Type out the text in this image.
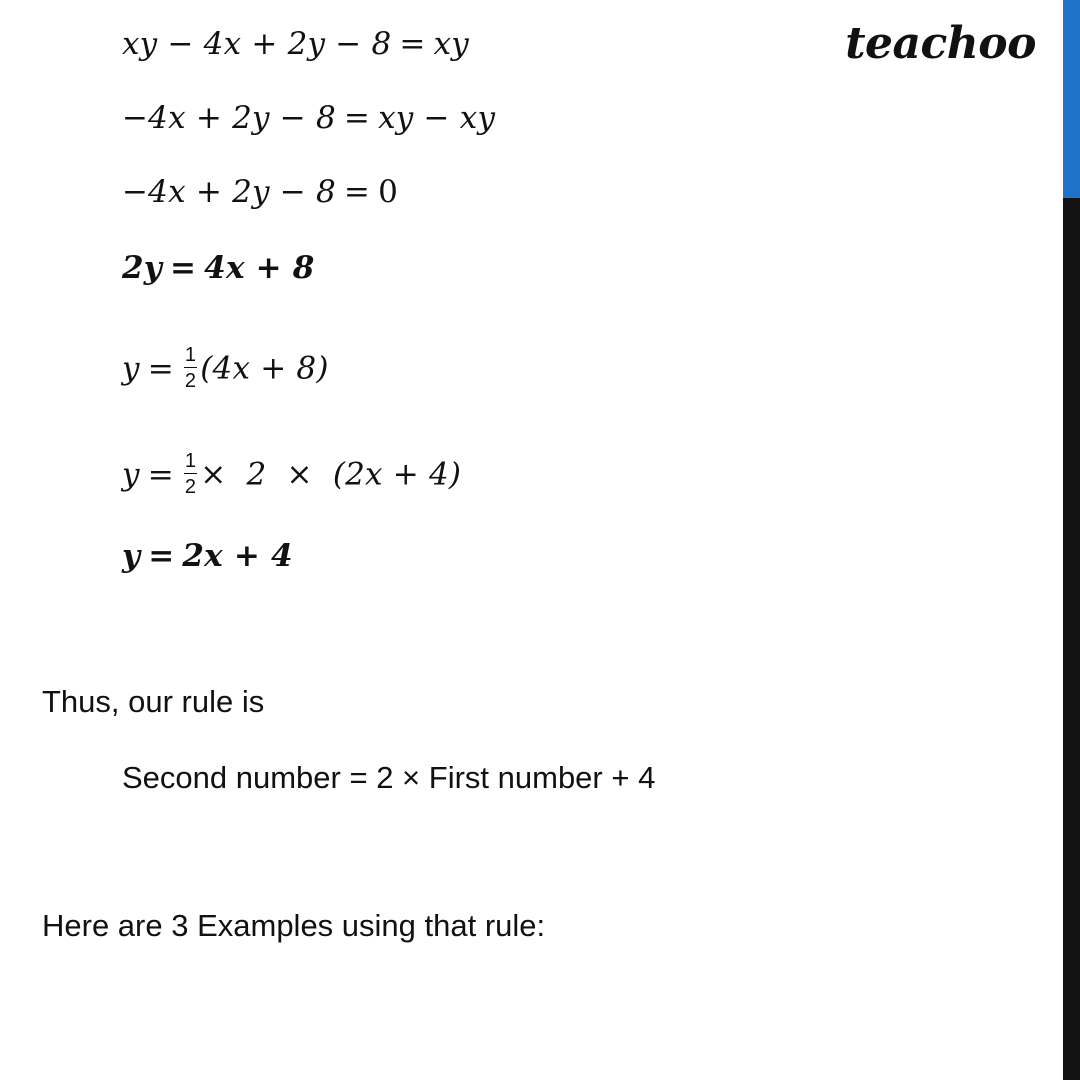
teachoo
xy − 4x + 2y − 8 = xy
−4x + 2y − 8 = xy − xy
−4x + 2y − 8 = 0
2y = 4x + 8
$y = \frac{1}{2} (4x + 8)$
$y = \frac{1}{2} \times 2 \times (2x + 4)$
y = 2x + 4
Thus, our rule is
Second number = 2 × First number + 4
Here are 3 Examples using that rule:
